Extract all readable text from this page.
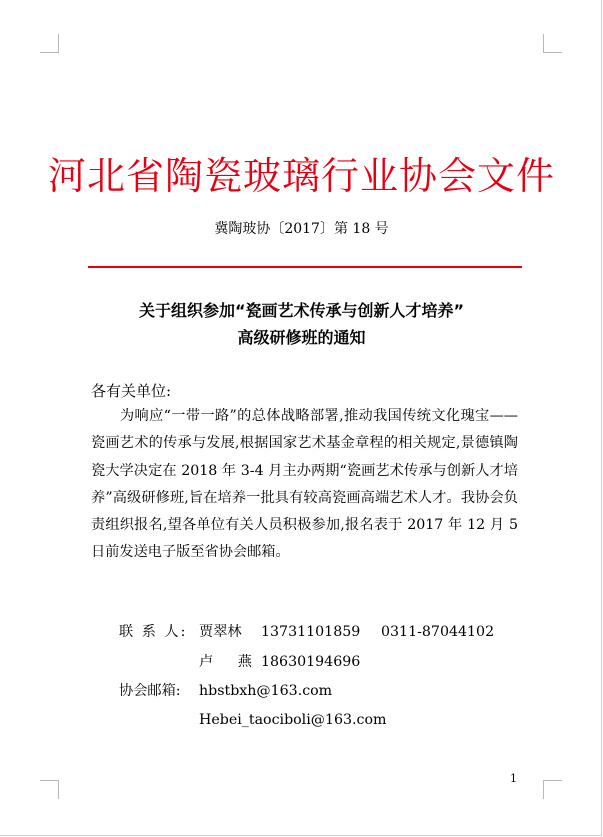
河北省陶瓷玻璃行业协会文件
冀陶玻协〔2017〕第 18 号
关于组织参加“瓷画艺术传承与创新人才培养”
高级研修班的通知
各有关单位:
为响应“一带一路”的总体战略部署,推动我国传统文化瑰宝——瓷画艺术的传承与发展,根据国家艺术基金章程的相关规定,景德镇陶瓷大学决定在 2018 年 3-4 月主办两期“瓷画艺术传承与创新人才培养”高级研修班,旨在培养一批具有较高瓷画高端艺术人才。我协会负责组织报名,望各单位有关人员积极参加,报名表于 2017 年 12 月 5 日前发送电子版至省协会邮箱。
联 系 人: 贾翠林 13731101859 0311-87044102
卢 燕18630194696
协会邮箱: hbstbxh@163.com
Hebei_taociboli@163.com
1
